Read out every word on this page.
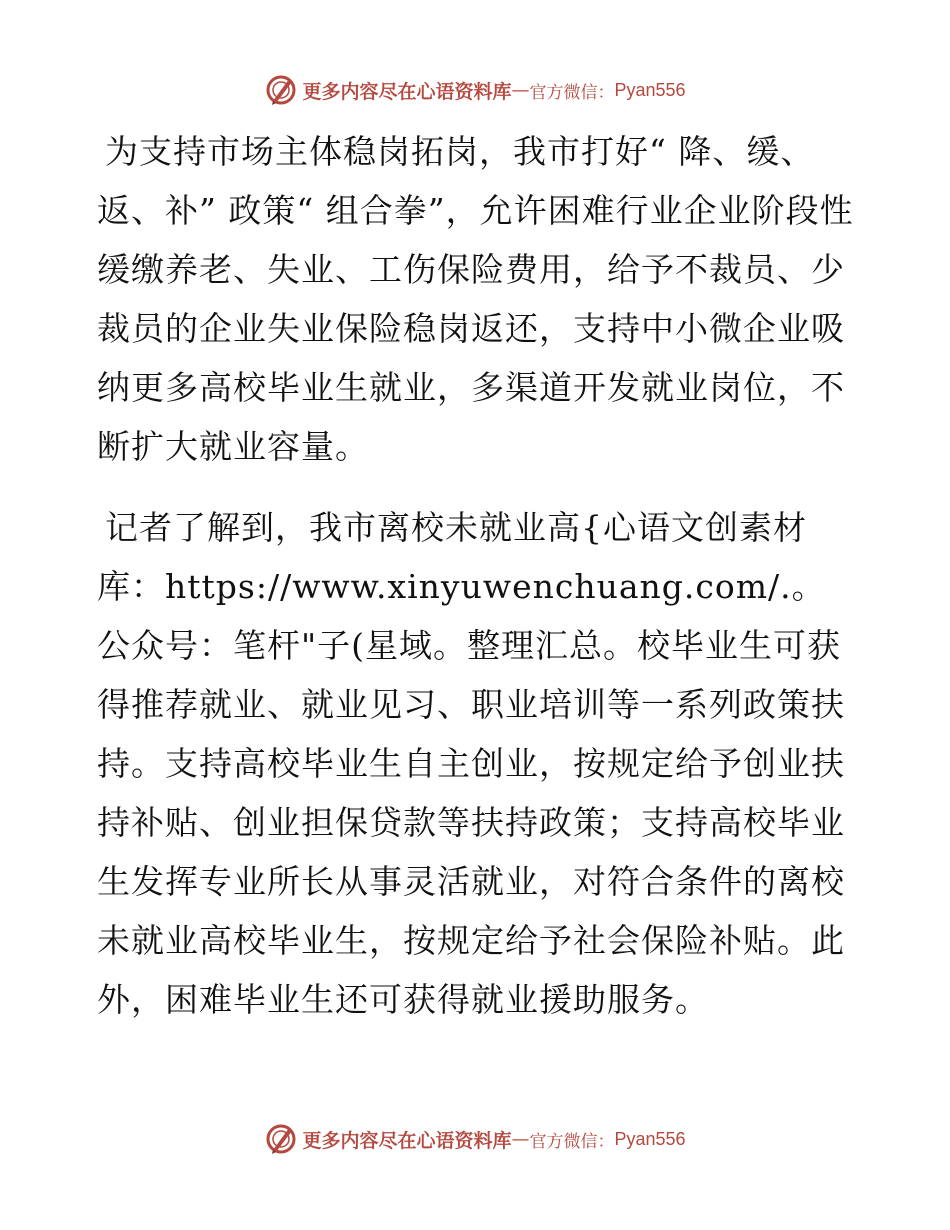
更多内容尽在心语资料库 — 官方微信： Pyan556

为支持市场主体稳岗拓岗，我市打好“ 降、缓、返、补” 政策“ 组合拳”，允许困难行业企业阶段性缓缴养老、失业、工伤保险费用，给予不裁员、少裁员的企业失业保险稳岗返还，支持中小微企业吸纳更多高校毕业生就业，多渠道开发就业岗位，不断扩大就业容量。

记者了解到，我市离校未就业高{心语文创素材库：https://www.xinyuwenchuang.com/.。公众号：笔杆"子(星域。整理汇总。校毕业生可获得推荐就业、就业见习、职业培训等一系列政策扶持。支持高校毕业生自主创业，按规定给予创业扶持补贴、创业担保贷款等扶持政策；支持高校毕业生发挥专业所长从事灵活就业，对符合条件的离校未就业高校毕业生，按规定给予社会保险补贴。此外，困难毕业生还可获得就业援助服务。

更多内容尽在心语资料库 — 官方微信： Pyan556
